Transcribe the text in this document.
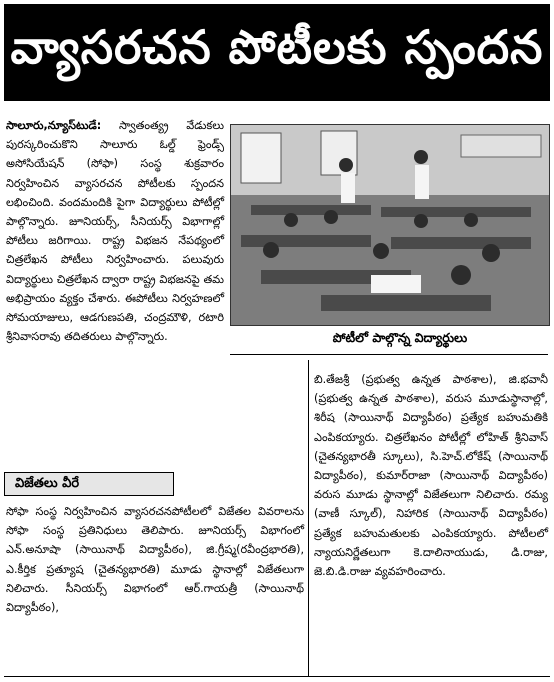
వ్యాసరచన పోటీలకు స్పందన

సాలూరు,న్యూస్‌టుడే: స్వాతంత్య్ర వేడుకలు పురస్కరించుకొని సాలూరు ఓల్డ్ ఫ్రెండ్స్ అసోసియేషన్ (సోఫా) సంస్థ శుక్రవారం నిర్వహించిన వ్యాసరచన పోటీలకు స్పందన లభించింది. వందమందికి పైగా విద్యార్థులు పోటీల్లో పాల్గొన్నారు. జూనియర్స్, సీనియర్స్ విభాగాల్లో పోటీలు జరిగాయి. రాష్ట్ర విభజన నేపథ్యంలో చిత్రలేఖన పోటీలు నిర్వహించారు. పలువురు విద్యార్థులు చిత్రలేఖన ద్వారా రాష్ట్ర విభజనపై తమ అభిప్రాయం వ్యక్తం చేశారు. ఈపోటీలు నిర్వహణలో సోమయాజులు, ఆడగుణపతి, చంద్రమౌళి, రటారి శ్రీనివాసరావు తదితరులు పాల్గొన్నారు.	పోటీలో పాల్గొన్న విద్యార్థులు
విజేతలు వీరే

సోఫా సంస్థ నిర్వహించిన వ్యాసరచనపోటీలలో విజేతల వివరాలను సోఫా సంస్థ ప్రతినిధులు తెలిపారు. జూనియర్స్ విభాగంలో ఎన్.అనూషా (సాయినాథ్ విద్యాపీఠం), జి.గ్రీష్మ(రవీంద్రభారతి), ఎ.కీర్తిక ప్రత్యూష (చైతన్యభారతి) మూడు స్థానాల్లో విజేతలుగా నిలిచారు. సీనియర్స్ విభాగంలో ఆర్.గాయత్రీ (సాయినాథ్ విద్యాపీఠం),

బి.తేజశ్రీ (ప్రభుత్వ ఉన్నత పాఠశాల), జి.భవానీ (ప్రభుత్వ ఉన్నత పాఠశాల), వరుస మూడుస్థానాల్లో, శిరీష (సాయినాథ్ విద్యాపీఠం) ప్రత్యేక బహుమతికి ఎంపికయ్యారు. చిత్రలేఖనం పోటీల్లో లోహిత్ శ్రీనివాస్ (చైతన్యభారతీ స్కూలు), సి.హెచ్.లోకేష్ (సాయినాథ్ విద్యాపీఠం), కుమార్‌రాజా (సాయినాథ్ విద్యాపీఠం) వరుస మూడు స్థానాల్లో విజేతలుగా నిలిచారు. రమ్య (వాణీ స్కూల్), నిహారిక (సాయినాథ్ విద్యాపీఠం) ప్రత్యేక బహుమతులకు ఎంపికయ్యారు. పోటీలలో న్యాయనిర్ణేతలుగా కె.దాలినాయుడు, డి.రాజు, జె.బి.డి.రాజు వ్యవహరించారు.
